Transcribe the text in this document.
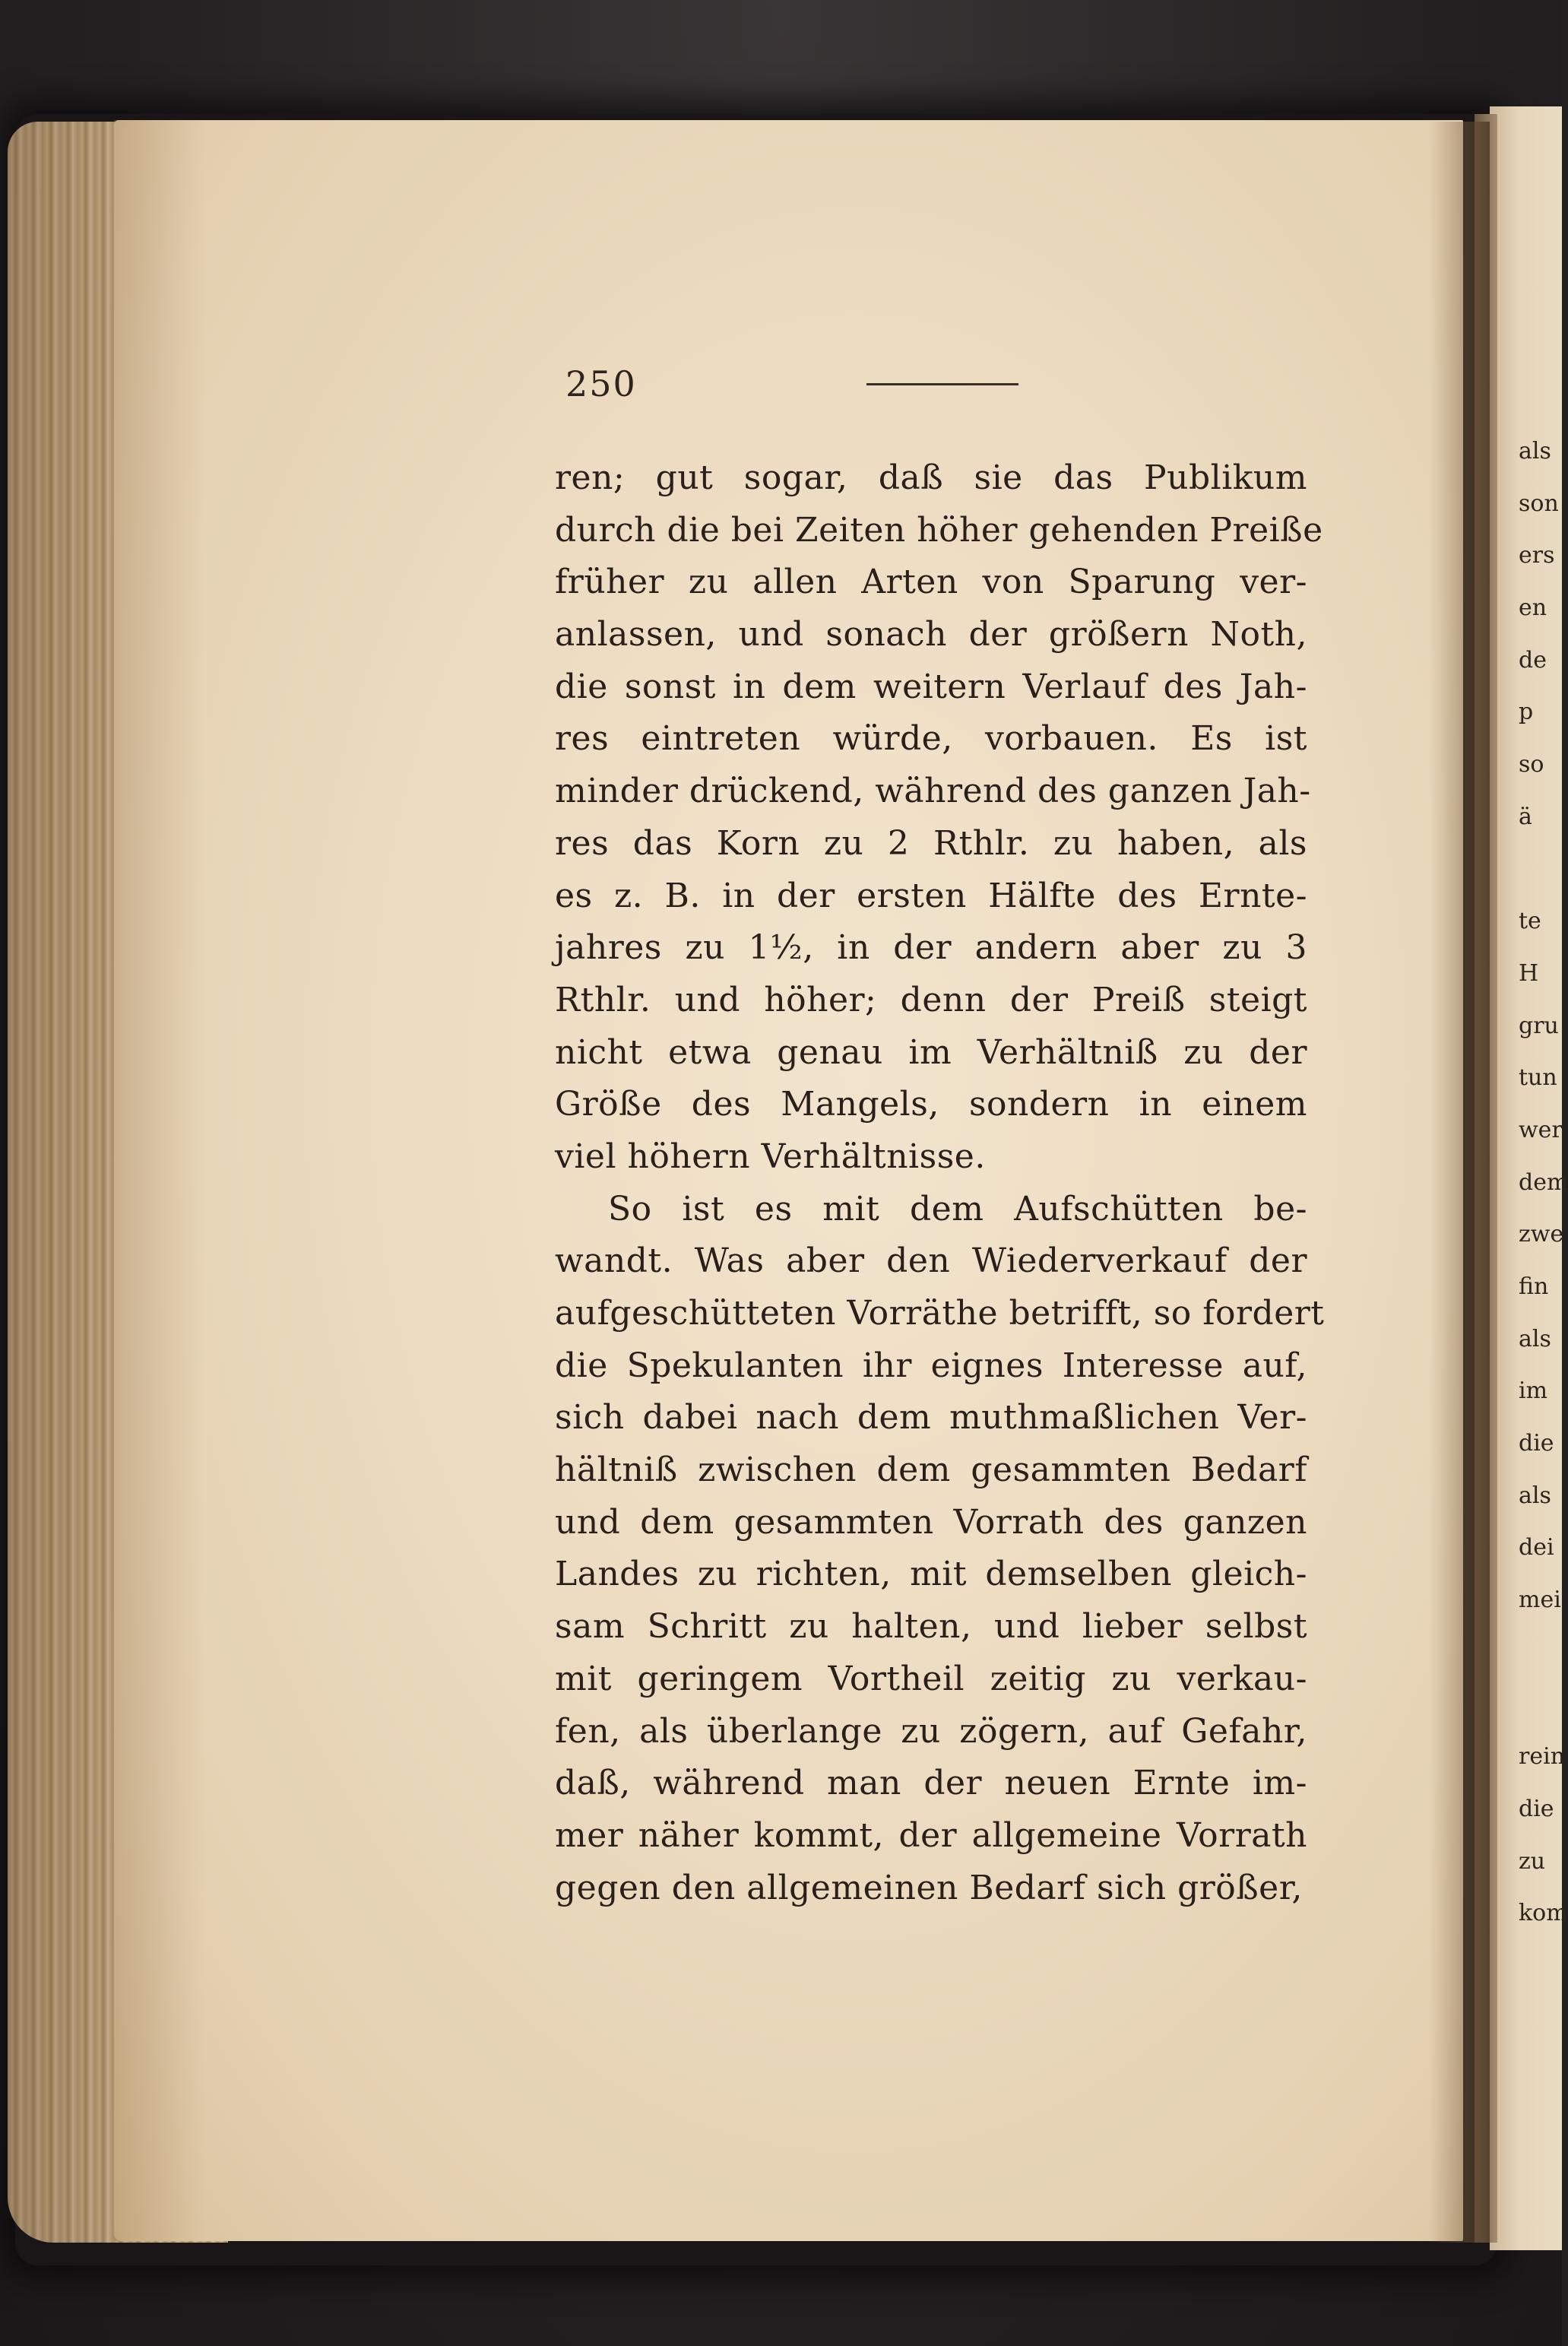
250
ren; gut sogar, daß sie das Publikum
durch die bei Zeiten höher gehenden Preiße
früher zu allen Arten von Sparung ver-
anlassen, und sonach der größern Noth,
die sonst in dem weitern Verlauf des Jah-
res eintreten würde, vorbauen. Es ist
minder drückend, während des ganzen Jah-
res das Korn zu 2 Rthlr. zu haben, als
es z. B. in der ersten Hälfte des Ernte-
jahres zu 1½, in der andern aber zu 3
Rthlr. und höher; denn der Preiß steigt
nicht etwa genau im Verhältniß zu der
Größe des Mangels, sondern in einem
viel höhern Verhältnisse.
So ist es mit dem Aufschütten be-
wandt. Was aber den Wiederverkauf der
aufgeschütteten Vorräthe betrifft, so fordert
die Spekulanten ihr eignes Interesse auf,
sich dabei nach dem muthmaßlichen Ver-
hältniß zwischen dem gesammten Bedarf
und dem gesammten Vorrath des ganzen
Landes zu richten, mit demselben gleich-
sam Schritt zu halten, und lieber selbst
mit geringem Vortheil zeitig zu verkau-
fen, als überlange zu zögern, auf Gefahr,
daß, während man der neuen Ernte im-
mer näher kommt, der allgemeine Vorrath
gegen den allgemeinen Bedarf sich größer,
als
son
ers
en
de
p
so
ä
te
H
gru
tun
wer
dem
zwe
fin
als
im
die
als
dei
mei
rein
die
zu
kom
